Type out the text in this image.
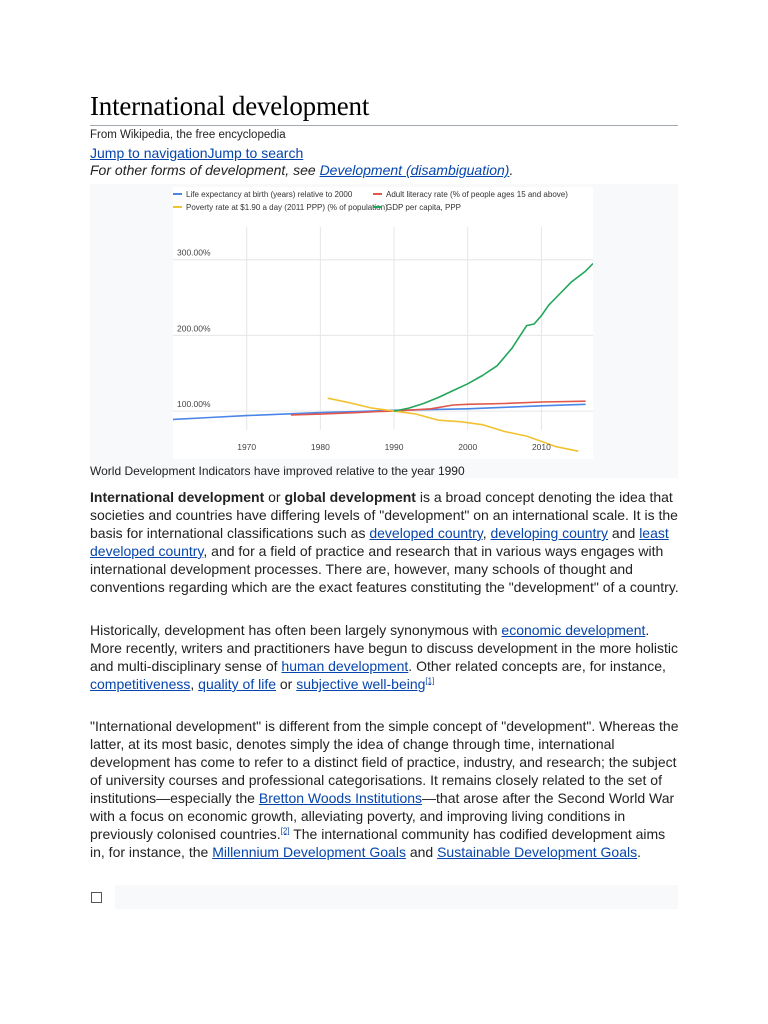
International development
From Wikipedia, the free encyclopedia
Jump to navigationJump to search
For other forms of development, see Development (disambiguation).
Life expectancy at birth (years) relative to 2000	Adult literacy rate (% of people ages 15 and above)
Poverty rate at $1.90 a day (2011 PPP) (% of population)
GDP per capita, PPP
1970	1980	1990	2000	2010
100.00%
200.00%
300.00%
World Development Indicators have improved relative to the year 1990
International development or global development is a broad concept denoting the idea that societies and countries have differing levels of "development" on an international scale. It is the basis for international classifications such as developed country, developing country and least developed country, and for a field of practice and research that in various ways engages with international development processes. There are, however, many schools of thought and conventions regarding which are the exact features constituting the "development" of a country.
Historically, development has often been largely synonymous with economic development. More recently, writers and practitioners have begun to discuss development in the more holistic and multi-disciplinary sense of human development. Other related concepts are, for instance, competitiveness, quality of life or subjective well-being[1]
"International development" is different from the simple concept of "development". Whereas the latter, at its most basic, denotes simply the idea of change through time, international development has come to refer to a distinct field of practice, industry, and research; the subject of university courses and professional categorisations. It remains closely related to the set of institutions—especially the Bretton Woods Institutions—that arose after the Second World War with a focus on economic growth, alleviating poverty, and improving living conditions in previously colonised countries.[2] The international community has codified development aims in, for instance, the Millennium Development Goals and Sustainable Development Goals.
